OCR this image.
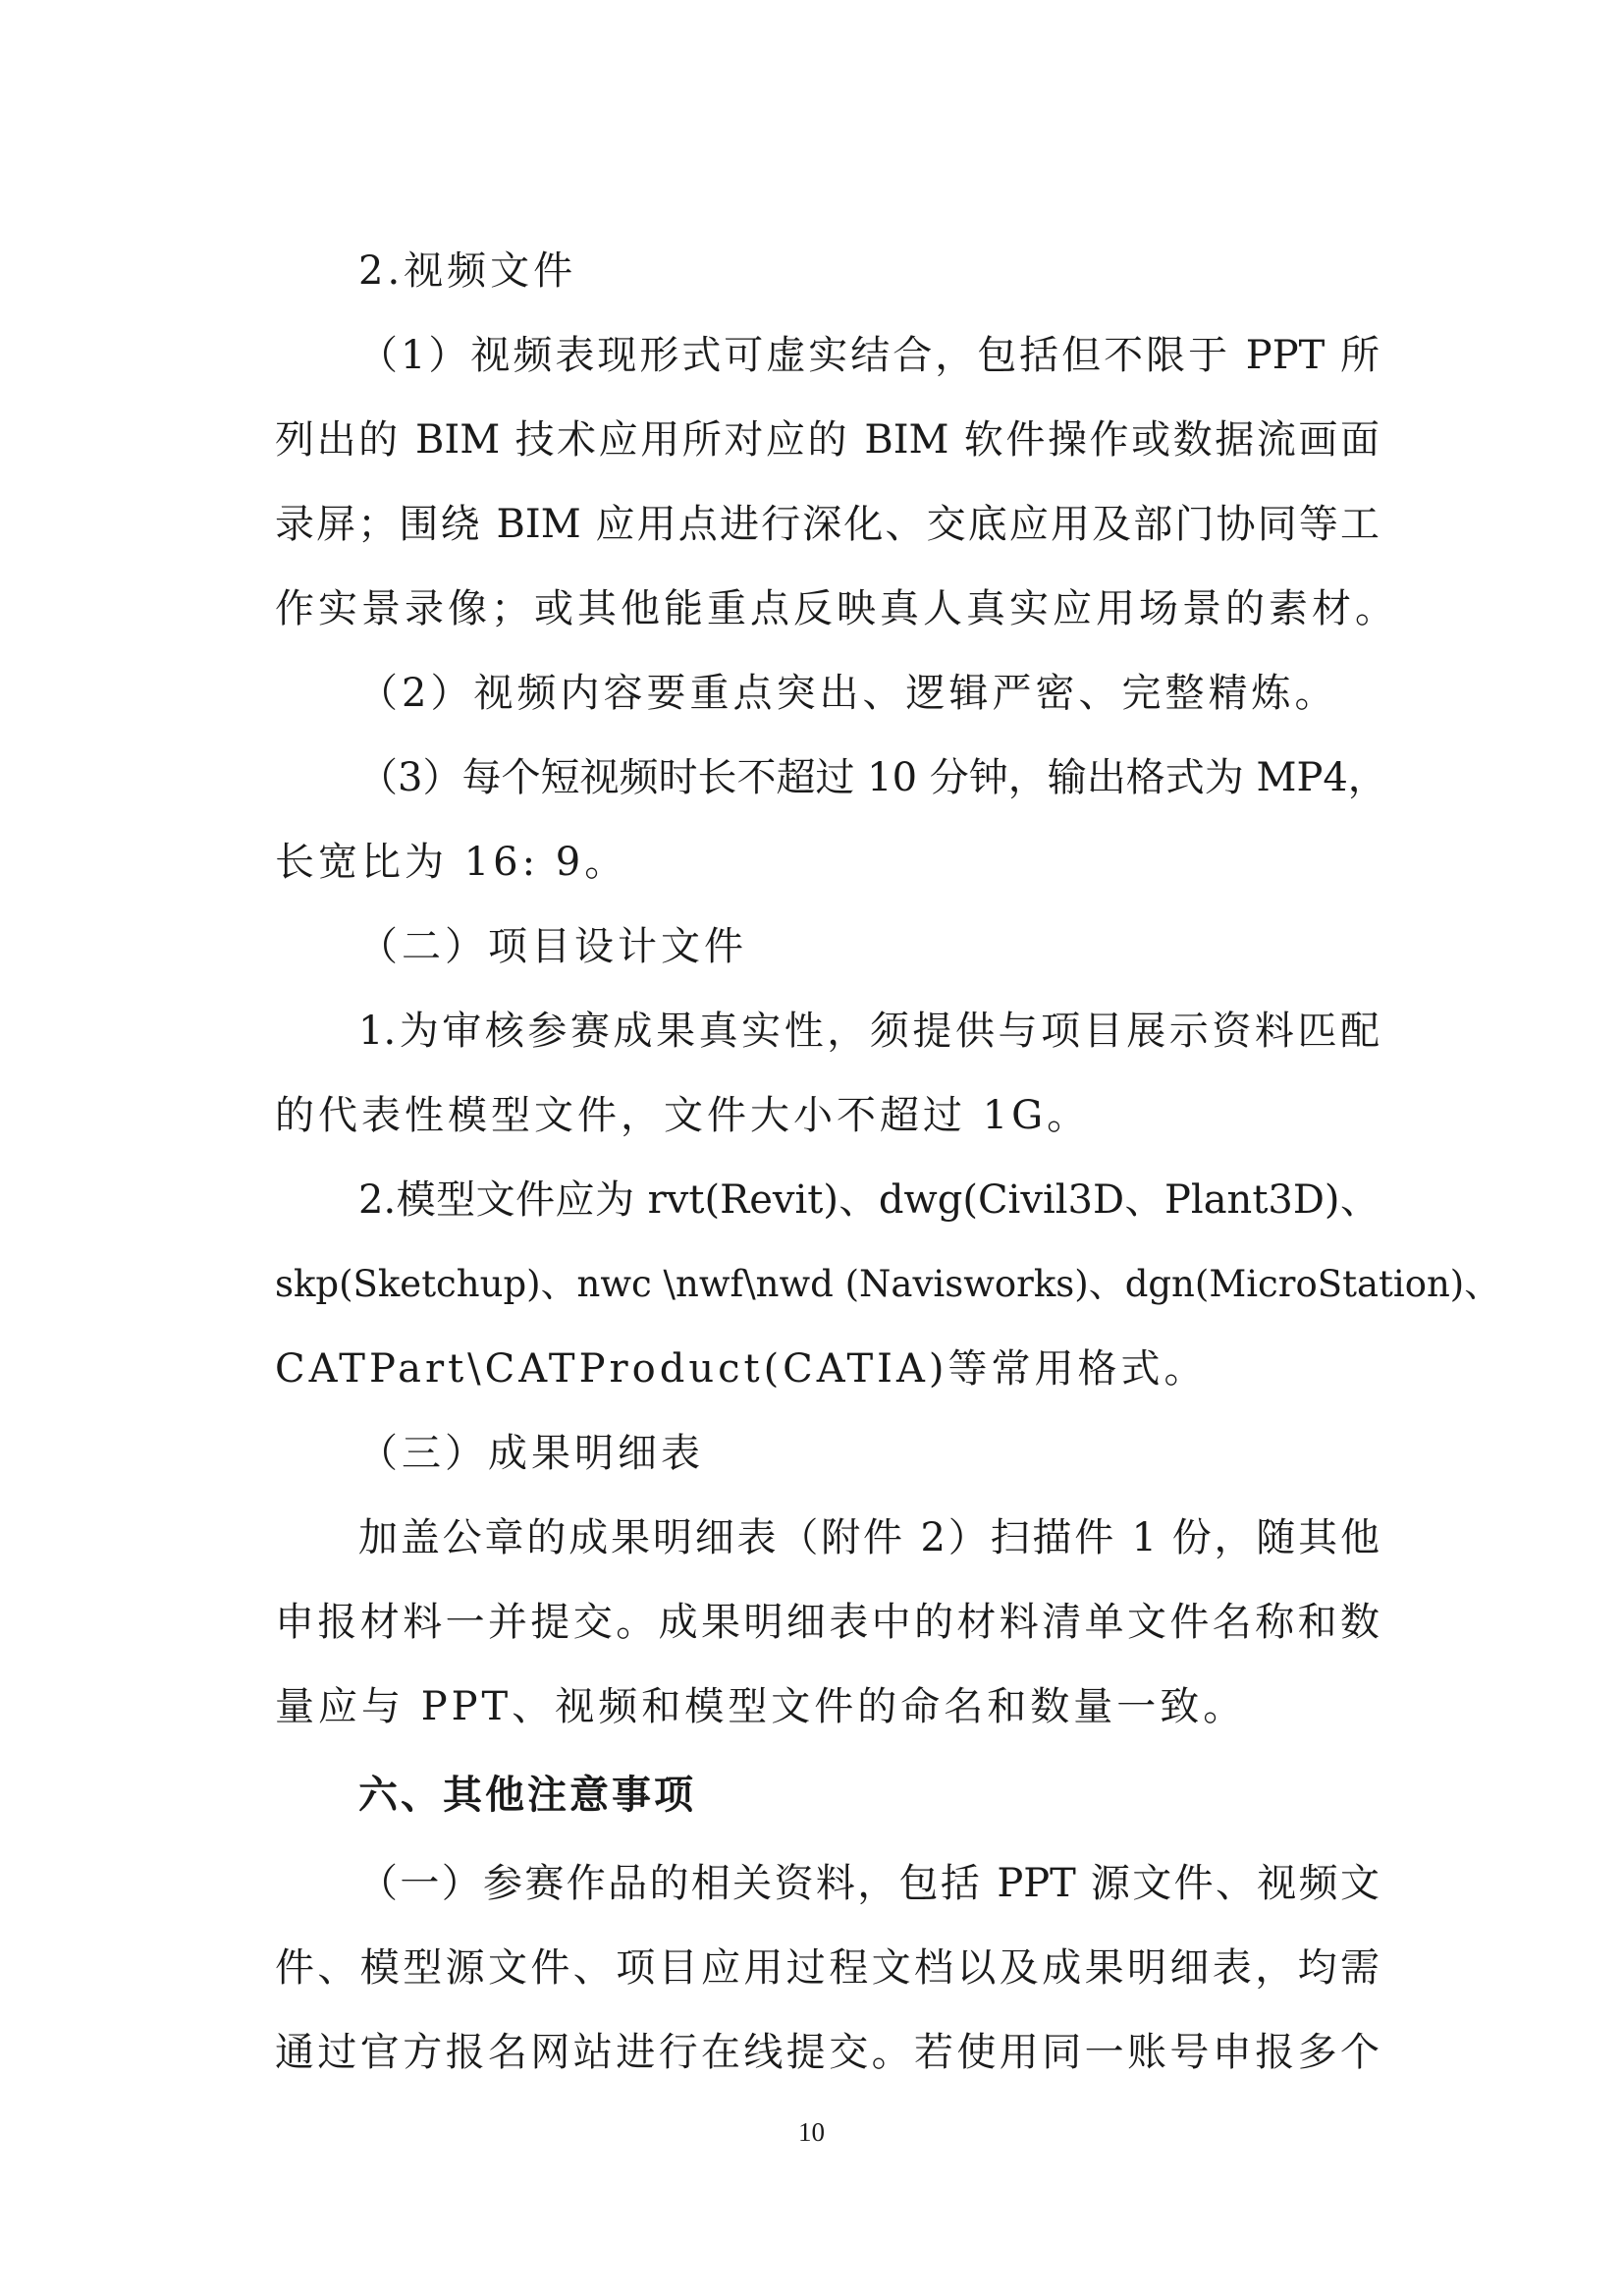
2.视频文件
（1）视频表现形式可虚实结合，包括但不限于 PPT 所
列出的 BIM 技术应用所对应的 BIM 软件操作或数据流画面
录屏；围绕 BIM 应用点进行深化、交底应用及部门协同等工
作实景录像；或其他能重点反映真人真实应用场景的素材。
（2）视频内容要重点突出、逻辑严密、完整精炼。
（3）每个短视频时长不超过 10 分钟，输出格式为 MP4，
长宽比为 16: 9。
（二）项目设计文件
1.为审核参赛成果真实性，须提供与项目展示资料匹配
的代表性模型文件，文件大小不超过 1G。
2.模型文件应为 rvt(Revit)、dwg(Civil3D、Plant3D)、
skp(Sketchup)、nwc \nwf\nwd (Navisworks)、dgn(MicroStation)、
CATPart\CATProduct(CATIA)等常用格式。
（三）成果明细表
加盖公章的成果明细表（附件 2）扫描件 1 份，随其他
申报材料一并提交。成果明细表中的材料清单文件名称和数
量应与 PPT、视频和模型文件的命名和数量一致。
六、其他注意事项
（一）参赛作品的相关资料，包括 PPT 源文件、视频文
件、模型源文件、项目应用过程文档以及成果明细表，均需
通过官方报名网站进行在线提交。若使用同一账号申报多个
10
